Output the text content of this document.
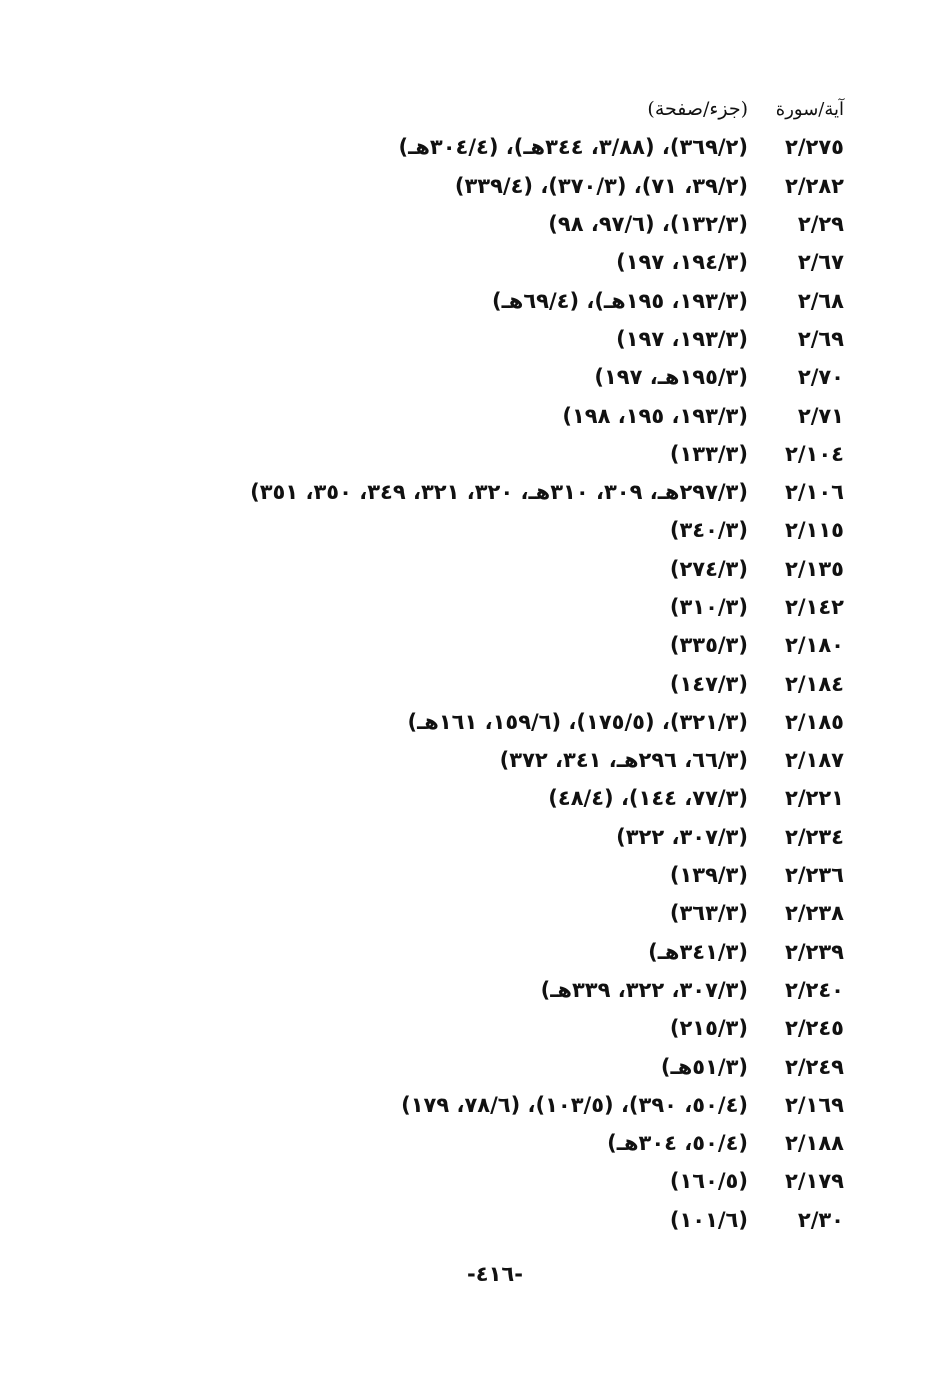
آية/سورة
(جزء/صفحة)
٢/٢٧٥
(٣٦٩/٢)، (٣/٨٨، ٣٤٤هـ)، (٣٠٤/٤هـ)
٢/٢٨٢
(٣٩/٢، ٧١)، (٣٧٠/٣)، (٣٣٩/٤)
٢/٢٩
(١٣٢/٣)، (٩٧/٦، ٩٨)
٢/٦٧
(١٩٤/٣، ١٩٧)
٢/٦٨
(١٩٣/٣، ١٩٥هـ)، (٦٩/٤هـ)
٢/٦٩
(١٩٣/٣، ١٩٧)
٢/٧٠
(١٩٥/٣هـ، ١٩٧)
٢/٧١
(١٩٣/٣، ١٩٥، ١٩٨)
٢/١٠٤
(١٣٣/٣)
٢/١٠٦
(٢٩٧/٣هـ، ٣٠٩، ٣١٠هـ، ٣٢٠، ٣٢١، ٣٤٩، ٣٥٠، ٣٥١)
٢/١١٥
(٣٤٠/٣)
٢/١٣٥
(٢٧٤/٣)
٢/١٤٢
(٣١٠/٣)
٢/١٨٠
(٣٣٥/٣)
٢/١٨٤
(١٤٧/٣)
٢/١٨٥
(٣٢١/٣)، (١٧٥/٥)، (١٥٩/٦، ١٦١هـ)
٢/١٨٧
(٦٦/٣، ٢٩٦هـ، ٣٤١، ٣٧٢)
٢/٢٢١
(٧٧/٣، ١٤٤)، (٤٨/٤)
٢/٢٣٤
(٣٠٧/٣، ٣٢٢)
٢/٢٣٦
(١٣٩/٣)
٢/٢٣٨
(٣٦٣/٣)
٢/٢٣٩
(٣٤١/٣هـ)
٢/٢٤٠
(٣٠٧/٣، ٣٢٢، ٣٣٩هـ)
٢/٢٤٥
(٢١٥/٣)
٢/٢٤٩
(٥١/٣هـ)
٢/١٦٩
(٥٠/٤، ٣٩٠)، (١٠٣/٥)، (٧٨/٦، ١٧٩)
٢/١٨٨
(٥٠/٤، ٣٠٤هـ)
٢/١٧٩
(١٦٠/٥)
٢/٣٠
(١٠١/٦)
-٤١٦-
